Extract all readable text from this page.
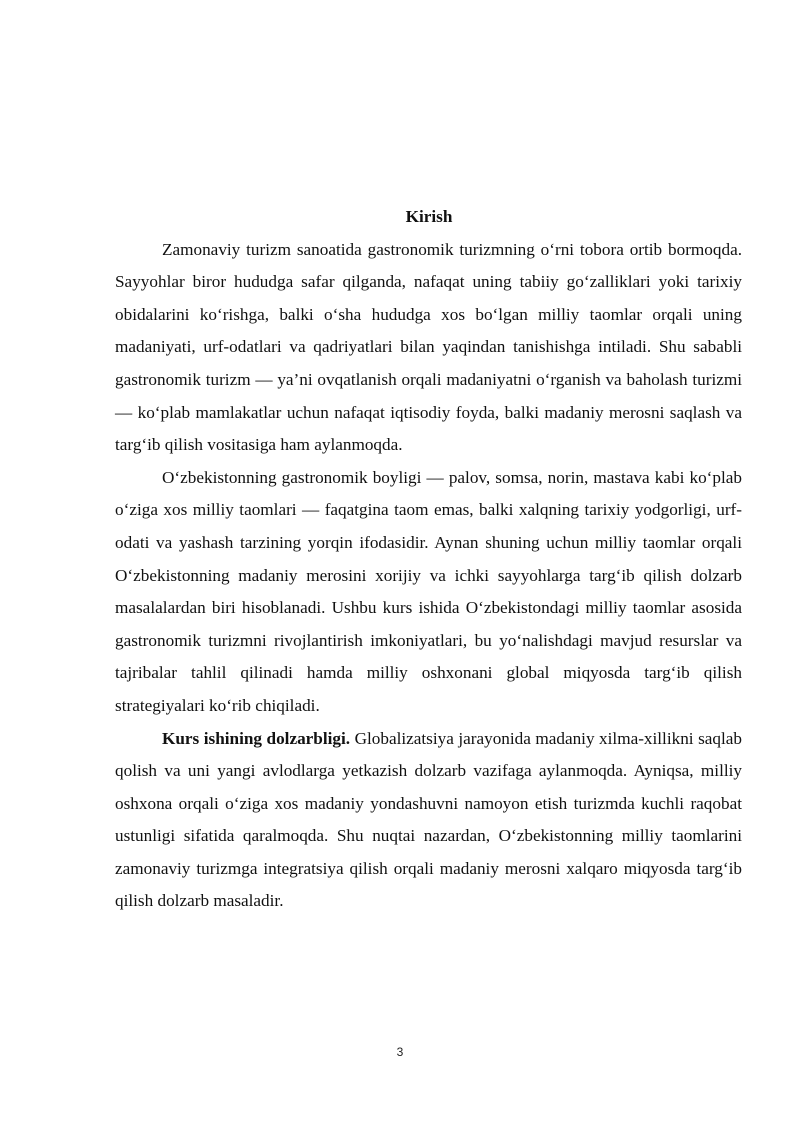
Kirish

Zamonaviy turizm sanoatida gastronomik turizmning o‘rni tobora ortib bormoqda. Sayyohlar biror hududga safar qilganda, nafaqat uning tabiiy go‘zalliklari yoki tarixiy obidalarini ko‘rishga, balki o‘sha hududga xos bo‘lgan milliy taomlar orqali uning madaniyati, urf-odatlari va qadriyatlari bilan yaqindan tanishishga intiladi. Shu sababli gastronomik turizm — ya’ni ovqatlanish orqali madaniyatni o‘rganish va baholash turizmi — ko‘plab mamlakatlar uchun nafaqat iqtisodiy foyda, balki madaniy merosni saqlash va targ‘ib qilish vositasiga ham aylanmoqda.

O‘zbekistonning gastronomik boyligi — palov, somsa, norin, mastava kabi ko‘plab o‘ziga xos milliy taomlari — faqatgina taom emas, balki xalqning tarixiy yodgorligi, urf-odati va yashash tarzining yorqin ifodasidir. Aynan shuning uchun milliy taomlar orqali O‘zbekistonning madaniy merosini xorijiy va ichki sayyohlarga targ‘ib qilish dolzarb masalalardan biri hisoblanadi. Ushbu kurs ishida O‘zbekistondagi milliy taomlar asosida gastronomik turizmni rivojlantirish imkoniyatlari, bu yo‘nalishdagi mavjud resurslar va tajribalar tahlil qilinadi hamda milliy oshxonani global miqyosda targ‘ib qilish strategiyalari ko‘rib chiqiladi.

Kurs ishining dolzarbligi. Globalizatsiya jarayonida madaniy xilma-xillikni saqlab qolish va uni yangi avlodlarga yetkazish dolzarb vazifaga aylanmoqda. Ayniqsa, milliy oshxona orqali o‘ziga xos madaniy yondashuvni namoyon etish turizmda kuchli raqobat ustunligi sifatida qaralmoqda. Shu nuqtai nazardan, O‘zbekistonning milliy taomlarini zamonaviy turizmga integratsiya qilish orqali madaniy merosni xalqaro miqyosda targ‘ib qilish dolzarb masaladir.

3
